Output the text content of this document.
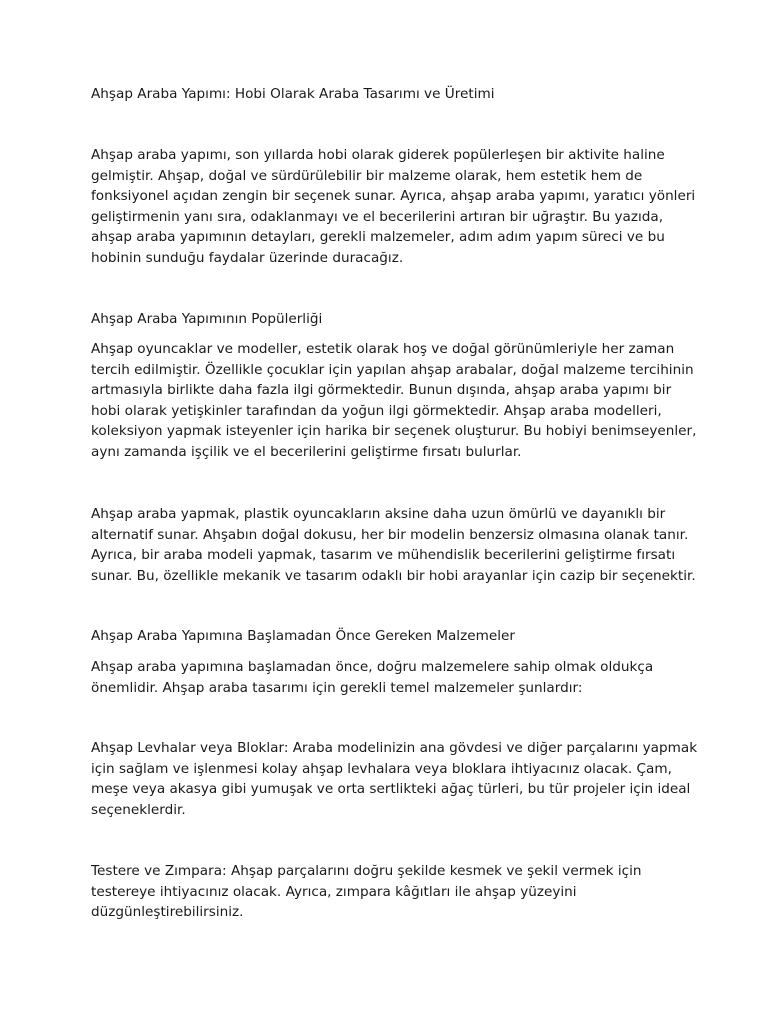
Ahşap Araba Yapımı: Hobi Olarak Araba Tasarımı ve Üretimi

Ahşap araba yapımı, son yıllarda hobi olarak giderek popülerleşen bir aktivite haline
gelmiştir. Ahşap, doğal ve sürdürülebilir bir malzeme olarak, hem estetik hem de
fonksiyonel açıdan zengin bir seçenek sunar. Ayrıca, ahşap araba yapımı, yaratıcı yönleri
geliştirmenin yanı sıra, odaklanmayı ve el becerilerini artıran bir uğraştır. Bu yazıda,
ahşap araba yapımının detayları, gerekli malzemeler, adım adım yapım süreci ve bu
hobinin sunduğu faydalar üzerinde duracağız.

Ahşap Araba Yapımının Popülerliği

Ahşap oyuncaklar ve modeller, estetik olarak hoş ve doğal görünümleriyle her zaman
tercih edilmiştir. Özellikle çocuklar için yapılan ahşap arabalar, doğal malzeme tercihinin
artmasıyla birlikte daha fazla ilgi görmektedir. Bunun dışında, ahşap araba yapımı bir
hobi olarak yetişkinler tarafından da yoğun ilgi görmektedir. Ahşap araba modelleri,
koleksiyon yapmak isteyenler için harika bir seçenek oluşturur. Bu hobiyi benimseyenler,
aynı zamanda işçilik ve el becerilerini geliştirme fırsatı bulurlar.

Ahşap araba yapmak, plastik oyuncakların aksine daha uzun ömürlü ve dayanıklı bir
alternatif sunar. Ahşabın doğal dokusu, her bir modelin benzersiz olmasına olanak tanır.
Ayrıca, bir araba modeli yapmak, tasarım ve mühendislik becerilerini geliştirme fırsatı
sunar. Bu, özellikle mekanik ve tasarım odaklı bir hobi arayanlar için cazip bir seçenektir.

Ahşap Araba Yapımına Başlamadan Önce Gereken Malzemeler

Ahşap araba yapımına başlamadan önce, doğru malzemelere sahip olmak oldukça
önemlidir. Ahşap araba tasarımı için gerekli temel malzemeler şunlardır:

Ahşap Levhalar veya Bloklar: Araba modelinizin ana gövdesi ve diğer parçalarını yapmak
için sağlam ve işlenmesi kolay ahşap levhalara veya bloklara ihtiyacınız olacak. Çam,
meşe veya akasya gibi yumuşak ve orta sertlikteki ağaç türleri, bu tür projeler için ideal
seçeneklerdir.

Testere ve Zımpara: Ahşap parçalarını doğru şekilde kesmek ve şekil vermek için
testereye ihtiyacınız olacak. Ayrıca, zımpara kâğıtları ile ahşap yüzeyini
düzgünleştirebilirsiniz.
